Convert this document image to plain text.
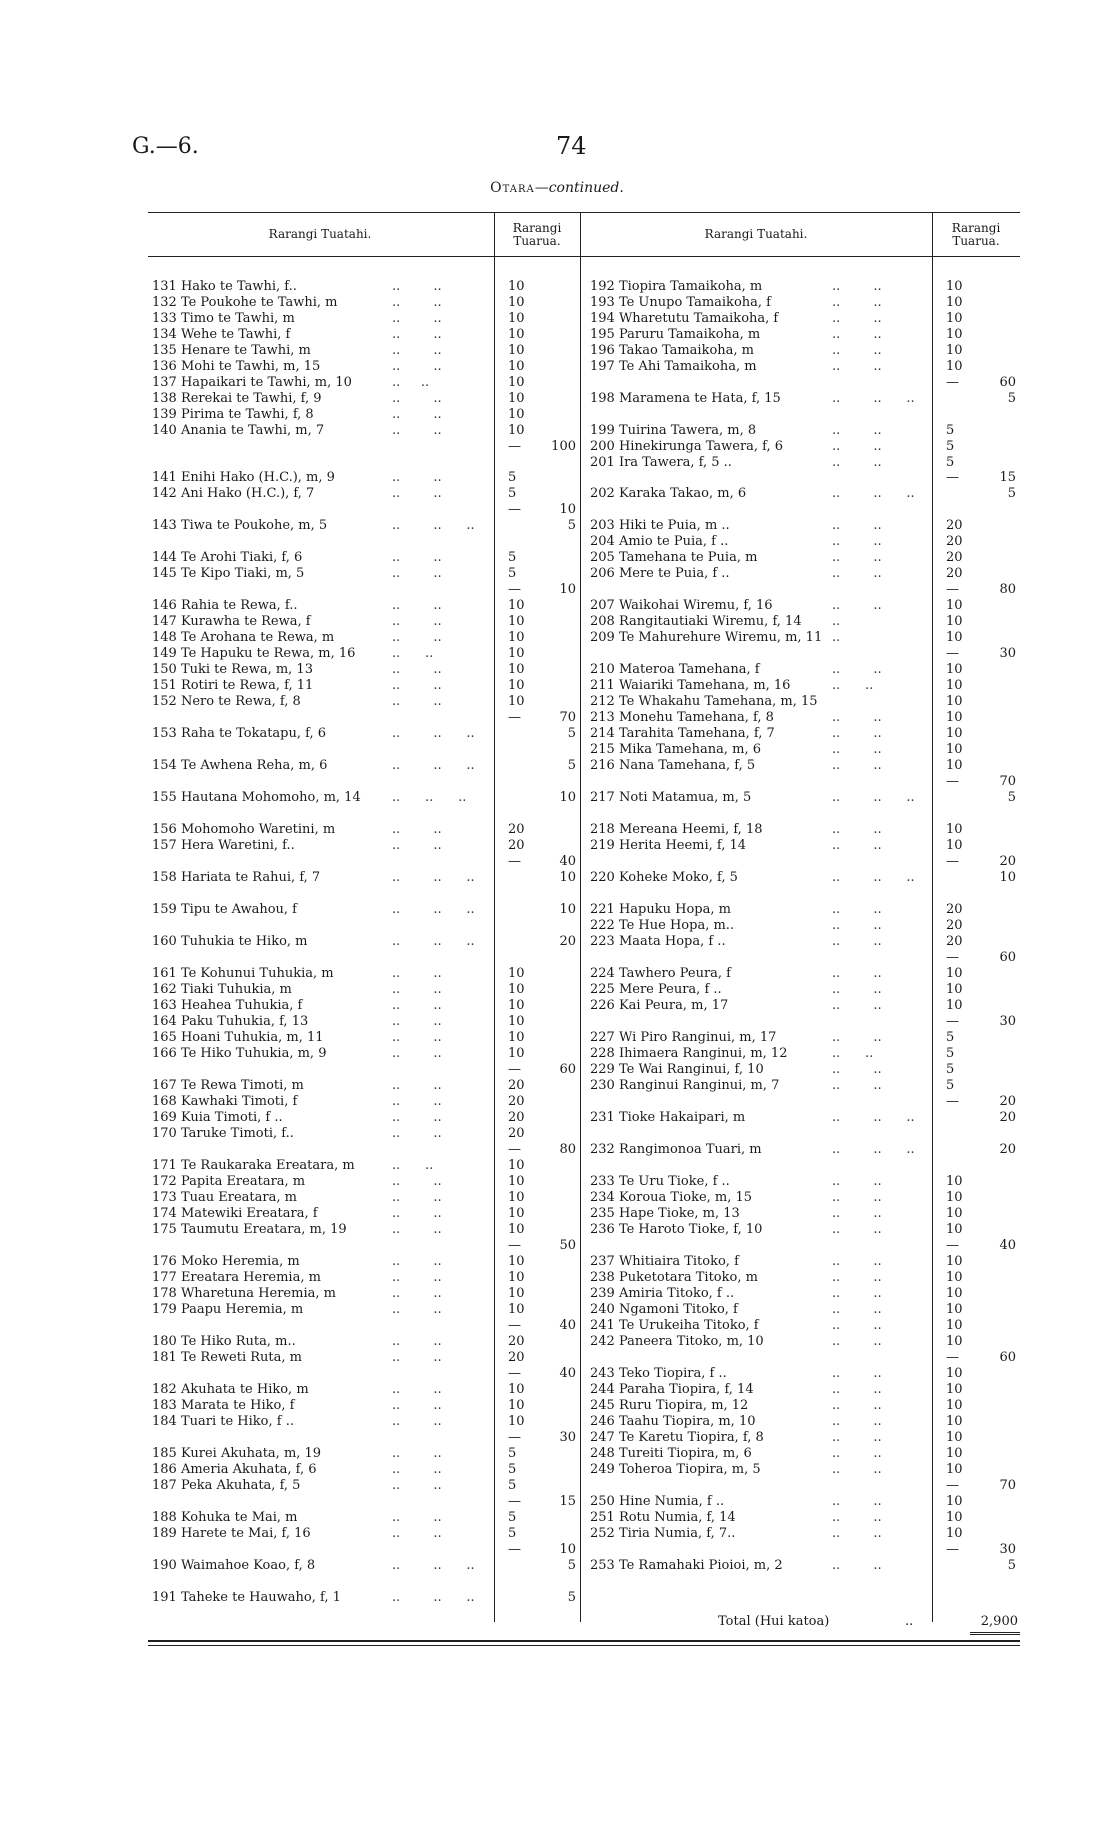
G.—6.	74
Otara—continued.
Rarangi Tuatahi.	Rarangi Tuarua.	Rarangi Tuatahi.	Rarangi Tuarua.
131 Hako te Tawhi, f..	..        ..	10
132 Te Poukohe te Tawhi, m	..        ..	10
133 Timo te Tawhi, m	..        ..	10
134 Wehe te Tawhi, f	..        ..	10
135 Henare te Tawhi, m	..        ..	10
136 Mohi te Tawhi, m, 15	..        ..	10
137 Hapaikari te Tawhi, m, 10	..     ..	10
138 Rerekai te Tawhi, f, 9	..        ..	10
139 Pirima te Tawhi, f, 8	..        ..	10
140 Anania te Tawhi, m, 7	..        ..	10
—	100
141 Enihi Hako (H.C.), m, 9	..        ..	5
142 Ani Hako (H.C.), f, 7	..        ..	5
—	10
143 Tiwa te Poukohe, m, 5	..        ..      ..	5
144 Te Arohi Tiaki, f, 6	..        ..	5
145 Te Kipo Tiaki, m, 5	..        ..	5
—	10
146 Rahia te Rewa, f..	..        ..	10
147 Kurawha te Rewa, f	..        ..	10
148 Te Arohana te Rewa, m	..        ..	10
149 Te Hapuku te Rewa, m, 16	..      ..	10
150 Tuki te Rewa, m, 13	..        ..	10
151 Rotiri te Rewa, f, 11	..        ..	10
152 Nero te Rewa, f, 8	..        ..	10
—	70
153 Raha te Tokatapu, f, 6	..        ..      ..	5
154 Te Awhena Reha, m, 6	..        ..      ..	5
155 Hautana Mohomoho, m, 14 ..      ..      ..	10
156 Mohomoho Waretini, m	..        ..	20
157 Hera Waretini, f..	..        ..	20
—	40
158 Hariata te Rahui, f, 7	..        ..      ..	10
159 Tipu te Awahou, f	..        ..      ..	10
160 Tuhukia te Hiko, m	..        ..      ..	20
161 Te Kohunui Tuhukia, m	..        ..	10
162 Tiaki Tuhukia, m	..        ..	10
163 Heahea Tuhukia, f	..        ..	10
164 Paku Tuhukia, f, 13	..        ..	10
165 Hoani Tuhukia, m, 11	..        ..	10
166 Te Hiko Tuhukia, m, 9	..        ..	10
—	60
167 Te Rewa Timoti, m	..        ..	20
168 Kawhaki Timoti, f	..        ..	20
169 Kuia Timoti, f ..	..        ..	20
170 Taruke Timoti, f..	..        ..	20
—	80
171 Te Raukaraka Ereatara, m	..      ..	10
172 Papita Ereatara, m	..        ..	10
173 Tuau Ereatara, m	..        ..	10
174 Matewiki Ereatara, f	..        ..	10
175 Taumutu Ereatara, m, 19	..        ..	10
—	50
176 Moko Heremia, m	..        ..	10
177 Ereatara Heremia, m	..        ..	10
178 Wharetuna Heremia, m	..        ..	10
179 Paapu Heremia, m	..        ..	10
—	40
180 Te Hiko Ruta, m..	..        ..	20
181 Te Reweti Ruta, m	..        ..	20
—	40
182 Akuhata te Hiko, m	..        ..	10
183 Marata te Hiko, f	..        ..	10
184 Tuari te Hiko, f ..	..        ..	10
—	30
185 Kurei Akuhata, m, 19	..        ..	5
186 Ameria Akuhata, f, 6	..        ..	5
187 Peka Akuhata, f, 5	..        ..	5
—	15
188 Kohuka te Mai, m	..        ..	5
189 Harete te Mai, f, 16	..        ..	5
—	10
190 Waimahoe Koao, f, 8	..        ..      ..	5
191 Taheke te Hauwaho, f, 1	..        ..      ..	5
192 Tiopira Tamaikoha, m	..        ..	10
193 Te Unupo Tamaikoha, f	..        ..	10
194 Wharetutu Tamaikoha, f	..        ..	10
195 Paruru Tamaikoha, m	..        ..	10
196 Takao Tamaikoha, m	..        ..	10
197 Te Ahi Tamaikoha, m	..        ..	10
—	60
198 Maramena te Hata, f, 15	..        ..      ..	5
199 Tuirina Tawera, m, 8	..        ..	5
200 Hinekirunga Tawera, f, 6	..        ..	5
201 Ira Tawera, f, 5 ..	..        ..	5
—	15
202 Karaka Takao, m, 6	..        ..      ..	5
203 Hiki te Puia, m ..	..        ..	20
204 Amio te Puia, f ..	..        ..	20
205 Tamehana te Puia, m	..        ..	20
206 Mere te Puia, f ..	..        ..	20
—	80
207 Waikohai Wiremu, f, 16	..        ..	10
208 Rangitautiaki Wiremu, f, 14 ..	10
209 Te Mahurehure Wiremu, m, 11 ..	10
—	30
210 Materoa Tamehana, f	..        ..	10
211 Waiariki Tamehana, m, 16	..      ..	10
212 Te Whakahu Tamehana, m, 15	10
213 Monehu Tamehana, f, 8	..        ..	10
214 Tarahita Tamehana, f, 7	..        ..	10
215 Mika Tamehana, m, 6	..        ..	10
216 Nana Tamehana, f, 5	..        ..	10
—	70
217 Noti Matamua, m, 5	..        ..      ..	5
218 Mereana Heemi, f, 18	..        ..	10
219 Herita Heemi, f, 14	..        ..	10
—	20
220 Koheke Moko, f, 5	..        ..      ..	10
221 Hapuku Hopa, m	..        ..	20
222 Te Hue Hopa, m..	..        ..	20
223 Maata Hopa, f ..	..        ..	20
—	60
224 Tawhero Peura, f	..        ..	10
225 Mere Peura, f ..	..        ..	10
226 Kai Peura, m, 17	..        ..	10
—	30
227 Wi Piro Ranginui, m, 17	..        ..	5
228 Ihimaera Ranginui, m, 12	..      ..	5
229 Te Wai Ranginui, f, 10	..        ..	5
230 Ranginui Ranginui, m, 7	..        ..	5
—	20
231 Tioke Hakaipari, m	..        ..      ..	20
232 Rangimonoa Tuari, m	..        ..      ..	20
233 Te Uru Tioke, f ..	..        ..	10
234 Koroua Tioke, m, 15	..        ..	10
235 Hape Tioke, m, 13	..        ..	10
236 Te Haroto Tioke, f, 10	..        ..	10
—	40
237 Whitiaira Titoko, f	..        ..	10
238 Puketotara Titoko, m	..        ..	10
239 Amiria Titoko, f ..	..        ..	10
240 Ngamoni Titoko, f	..        ..	10
241 Te Urukeiha Titoko, f	..        ..	10
242 Paneera Titoko, m, 10	..        ..	10
—	60
243 Teko Tiopira, f ..	..        ..	10
244 Paraha Tiopira, f, 14	..        ..	10
245 Ruru Tiopira, m, 12	..        ..	10
246 Taahu Tiopira, m, 10	..        ..	10
247 Te Karetu Tiopira, f, 8	..        ..	10
248 Tureiti Tiopira, m, 6	..        ..	10
249 Toheroa Tiopira, m, 5	..        ..	10
—	70
250 Hine Numia, f ..	..        ..	10
251 Rotu Numia, f, 14	..        ..	10
252 Tiria Numia, f, 7..	..        ..	10
—	30
253 Te Ramahaki Pioioi, m, 2	..        ..	5
Total (Hui katoa)	..	2,900
